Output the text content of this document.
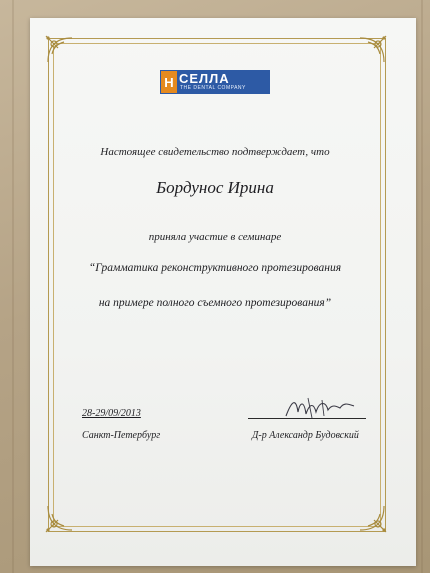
Н СЕЛЛА
THE DENTAL COMPANY
Настоящее свидетельство подтверждает, что
Бордунос Ирина
приняла участие в семинаре
“Грамматика реконструктивного протезирования
на примере полного съемного протезирования”
28-29/09/2013
Санкт-Петербург	Д-р Александр Будовский
